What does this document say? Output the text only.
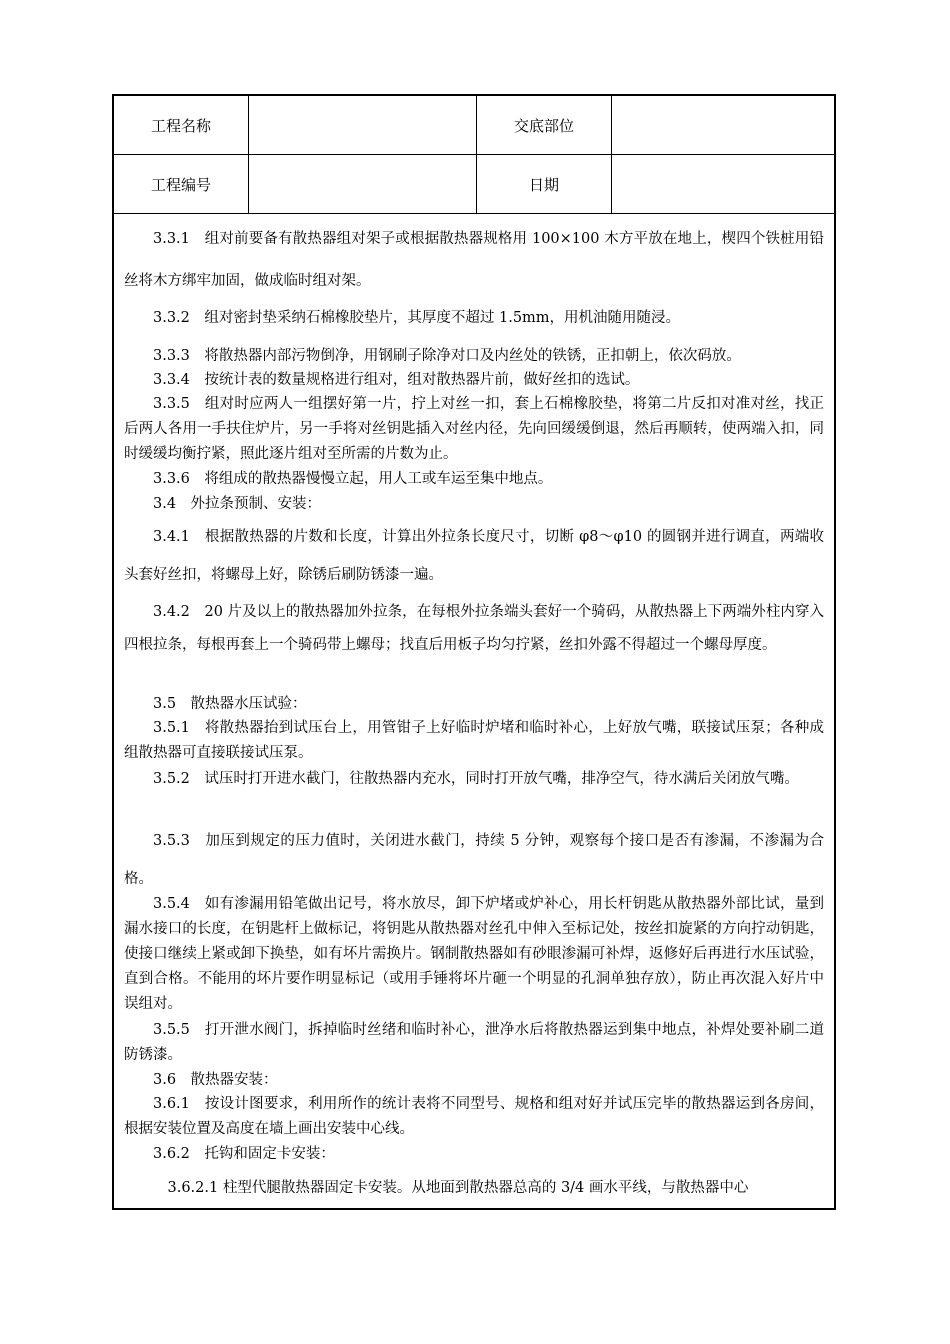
工程名称	交底部位
工程编号	日期
3.3.1　组对前要备有散热器组对架子或根据散热器规格用 100×100 木方平放在地上，楔四个铁桩用铅丝将木方绑牢加固，做成临时组对架。
3.3.2　组对密封垫采纳石棉橡胶垫片，其厚度不超过 1.5mm，用机油随用随浸。
3.3.3　将散热器内部污物倒净，用钢刷子除净对口及内丝处的铁锈，正扣朝上，依次码放。
3.3.4　按统计表的数量规格进行组对，组对散热器片前，做好丝扣的选试。
3.3.5　组对时应两人一组摆好第一片，拧上对丝一扣，套上石棉橡胶垫，将第二片反扣对准对丝，找正后两人各用一手扶住炉片，另一手将对丝钥匙插入对丝内径，先向回缓缓倒退，然后再顺转，使两端入扣，同时缓缓均衡拧紧，照此逐片组对至所需的片数为止。
3.3.6　将组成的散热器慢慢立起，用人工或车运至集中地点。
3.4　外拉条预制、安装：
3.4.1　根据散热器的片数和长度，计算出外拉条长度尺寸，切断 φ8～φ10 的圆钢并进行调直，两端收头套好丝扣，将螺母上好，除锈后刷防锈漆一遍。
3.4.2　20 片及以上的散热器加外拉条，在每根外拉条端头套好一个骑码，从散热器上下两端外柱内穿入四根拉条，每根再套上一个骑码带上螺母；找直后用板子均匀拧紧，丝扣外露不得超过一个螺母厚度。
3.5　散热器水压试验：
3.5.1　将散热器抬到试压台上，用管钳子上好临时炉堵和临时补心，上好放气嘴，联接试压泵；各种成组散热器可直接联接试压泵。
3.5.2　试压时打开进水截门，往散热器内充水，同时打开放气嘴，排净空气，待水满后关闭放气嘴。
3.5.3　加压到规定的压力值时，关闭进水截门，持续 5 分钟，观察每个接口是否有渗漏，不渗漏为合格。
3.5.4　如有渗漏用铅笔做出记号，将水放尽，卸下炉堵或炉补心，用长杆钥匙从散热器外部比试，量到漏水接口的长度，在钥匙杆上做标记，将钥匙从散热器对丝孔中伸入至标记处，按丝扣旋紧的方向拧动钥匙，使接口继续上紧或卸下换垫，如有坏片需换片。钢制散热器如有砂眼渗漏可补焊，返修好后再进行水压试验，直到合格。不能用的坏片要作明显标记（或用手锤将坏片砸一个明显的孔洞单独存放），防止再次混入好片中误组对。
3.5.5　打开泄水阀门，拆掉临时丝绪和临时补心，泄净水后将散热器运到集中地点，补焊处要补刷二道防锈漆。
3.6　散热器安装：
3.6.1　按设计图要求，利用所作的统计表将不同型号、规格和组对好并试压完毕的散热器运到各房间，根据安装位置及高度在墙上画出安装中心线。
3.6.2　托钩和固定卡安装：
3.6.2.1 柱型代腿散热器固定卡安装。从地面到散热器总高的 3/4 画水平线，与散热器中心
